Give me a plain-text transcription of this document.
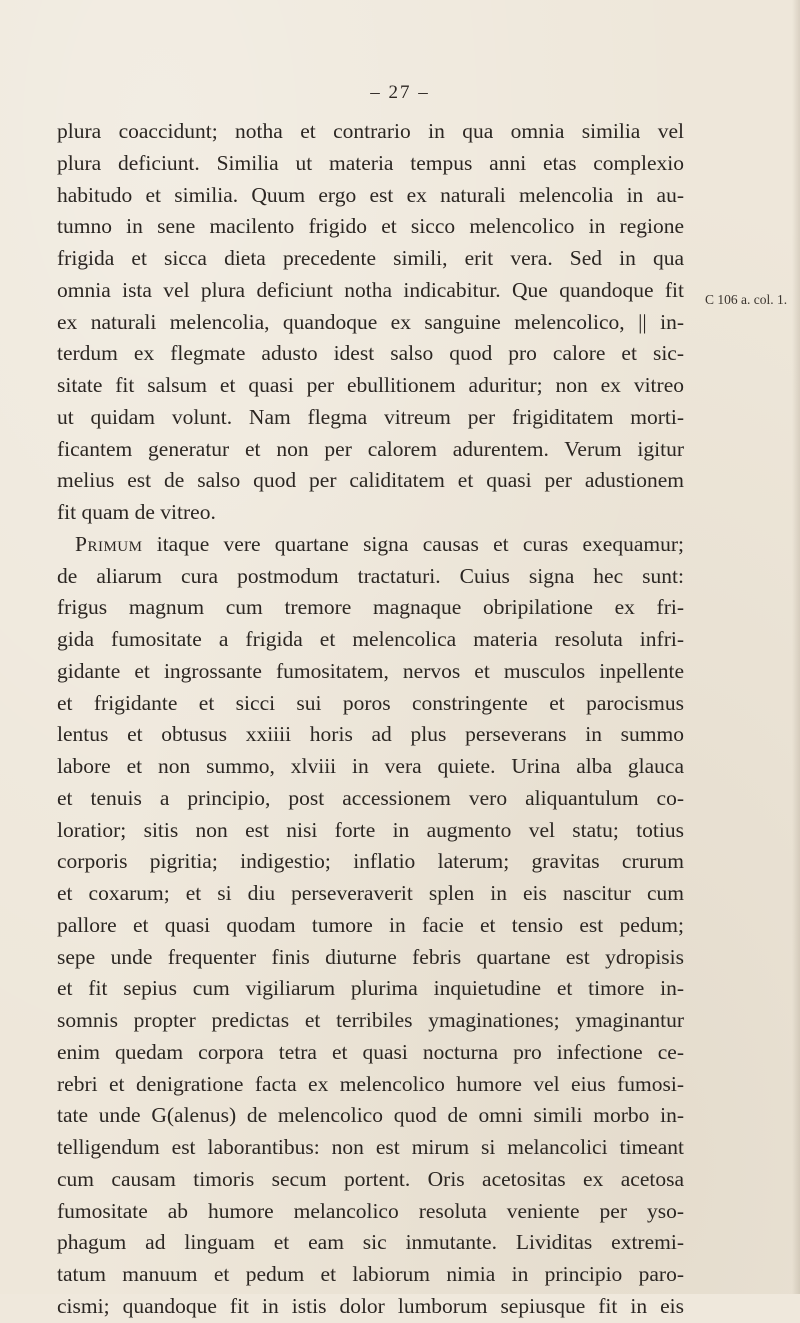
– 27 –
plura coaccidunt; notha et contrario in qua omnia similia vel
plura deficiunt. Similia ut materia tempus anni etas complexio
habitudo et similia. Quum ergo est ex naturali melencolia in au-
tumno in sene macilento frigido et sicco melencolico in regione
frigida et sicca dieta precedente simili, erit vera. Sed in qua
omnia ista vel plura deficiunt notha indicabitur. Que quandoque fit
ex naturali melencolia, quandoque ex sanguine melencolico, || in-
terdum ex flegmate adusto idest salso quod pro calore et sic-
sitate fit salsum et quasi per ebullitionem aduritur; non ex vitreo
ut quidam volunt. Nam flegma vitreum per frigiditatem morti-
ficantem generatur et non per calorem adurentem. Verum igitur
melius est de salso quod per caliditatem et quasi per adustionem
fit quam de vitreo.
Primum itaque vere quartane signa causas et curas exequamur;
de aliarum cura postmodum tractaturi. Cuius signa hec sunt:
frigus magnum cum tremore magnaque obripilatione ex fri-
gida fumositate a frigida et melencolica materia resoluta infri-
gidante et ingrossante fumositatem, nervos et musculos inpellente
et frigidante et sicci sui poros constringente et parocismus
lentus et obtusus xxiiii horis ad plus perseverans in summo
labore et non summo, xlviii in vera quiete. Urina alba glauca
et tenuis a principio, post accessionem vero aliquantulum co-
loratior; sitis non est nisi forte in augmento vel statu; totius
corporis pigritia; indigestio; inflatio laterum; gravitas crurum
et coxarum; et si diu perseveraverit splen in eis nascitur cum
pallore et quasi quodam tumore in facie et tensio est pedum;
sepe unde frequenter finis diuturne febris quartane est ydropisis
et fit sepius cum vigiliarum plurima inquietudine et timore in-
somnis propter predictas et terribiles ymaginationes; ymaginantur
enim quedam corpora tetra et quasi nocturna pro infectione ce-
rebri et denigratione facta ex melencolico humore vel eius fumosi-
tate unde G(alenus) de melencolico quod de omni simili morbo in-
telligendum est laborantibus: non est mirum si melancolici timeant
cum causam timoris secum portent. Oris acetositas ex acetosa
fumositate ab humore melancolico resoluta veniente per yso-
phagum ad linguam et eam sic inmutante. Lividitas extremi-
tatum manuum et pedum et labiorum nimia in principio paro-
cismi; quandoque fit in istis dolor lumborum sepiusque fit in eis
C 106 a. col. 1.
